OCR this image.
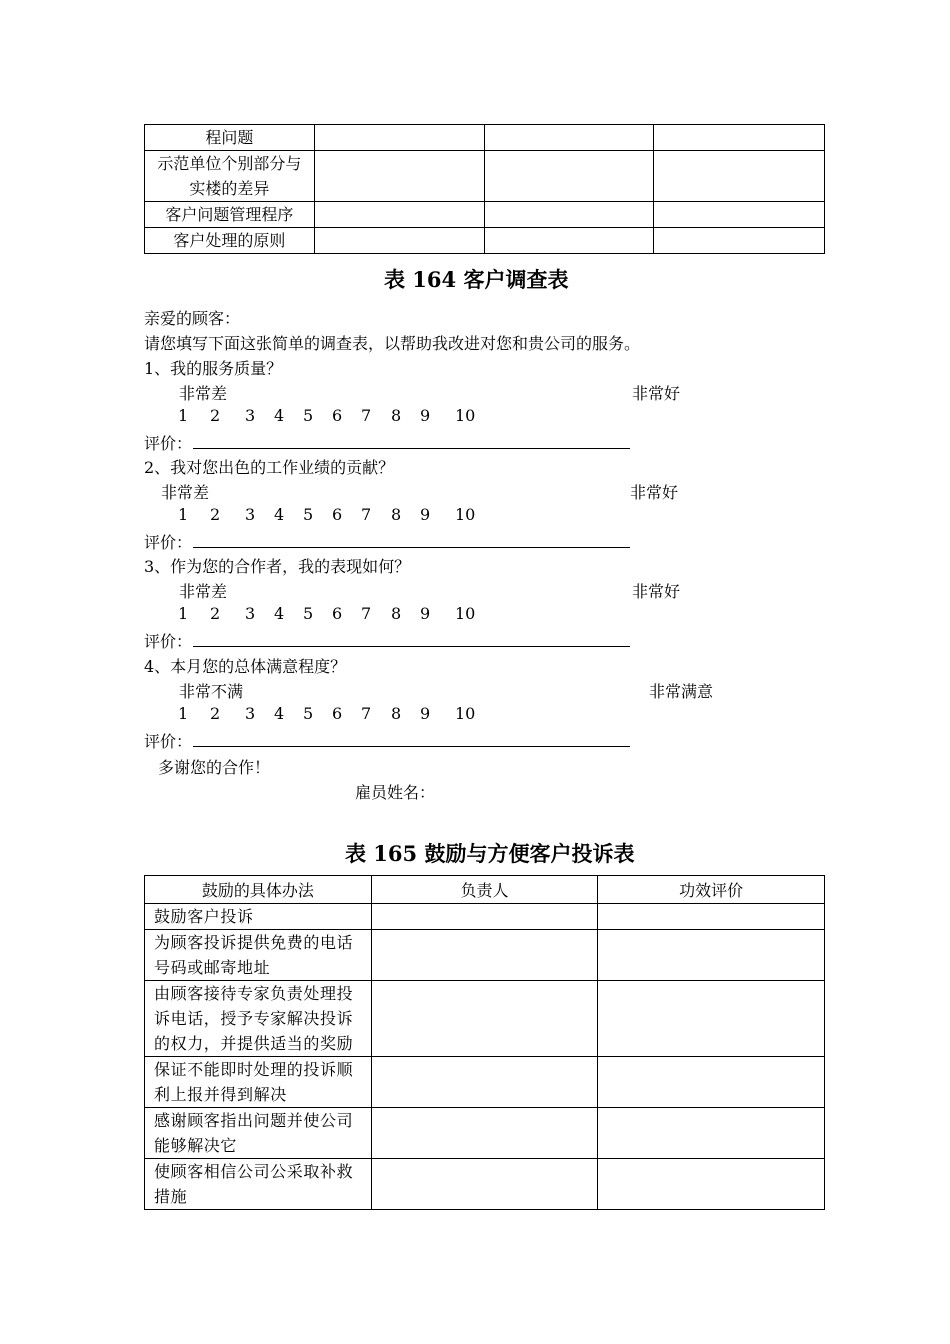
程问题			

示范单位个别部分与
实楼的差异			

客户问题管理程序			
客户处理的原则			
表 164 客户调查表
亲爱的顾客：
请您填写下面这张简单的调查表，以帮助我改进对您和贵公司的服务。
1、我的服务质量？
非常差	非常好
1 2 3 4 5 6 7 8 9 10
评价：
2、我对您出色的工作业绩的贡献？
非常差	非常好
1 2 3 4 5 6 7 8 9 10
评价：
3、作为您的合作者，我的表现如何？
非常差	非常好
1 2 3 4 5 6 7 8 9 10
评价：
4、本月您的总体满意程度？
非常不满	非常满意
1 2 3 4 5 6 7 8 9 10
评价：
多谢您的合作！
雇员姓名：
表 165 鼓励与方便客户投诉表
鼓励的具体办法	负责人	功效评价
鼓励客户投诉		
为顾客投诉提供免费的电话号码或邮寄地址		
由顾客接待专家负责处理投诉电话，授予专家解决投诉的权力，并提供适当的奖励		
保证不能即时处理的投诉顺利上报并得到解决		
感谢顾客指出问题并使公司能够解决它		
使顾客相信公司公采取补救措施		
